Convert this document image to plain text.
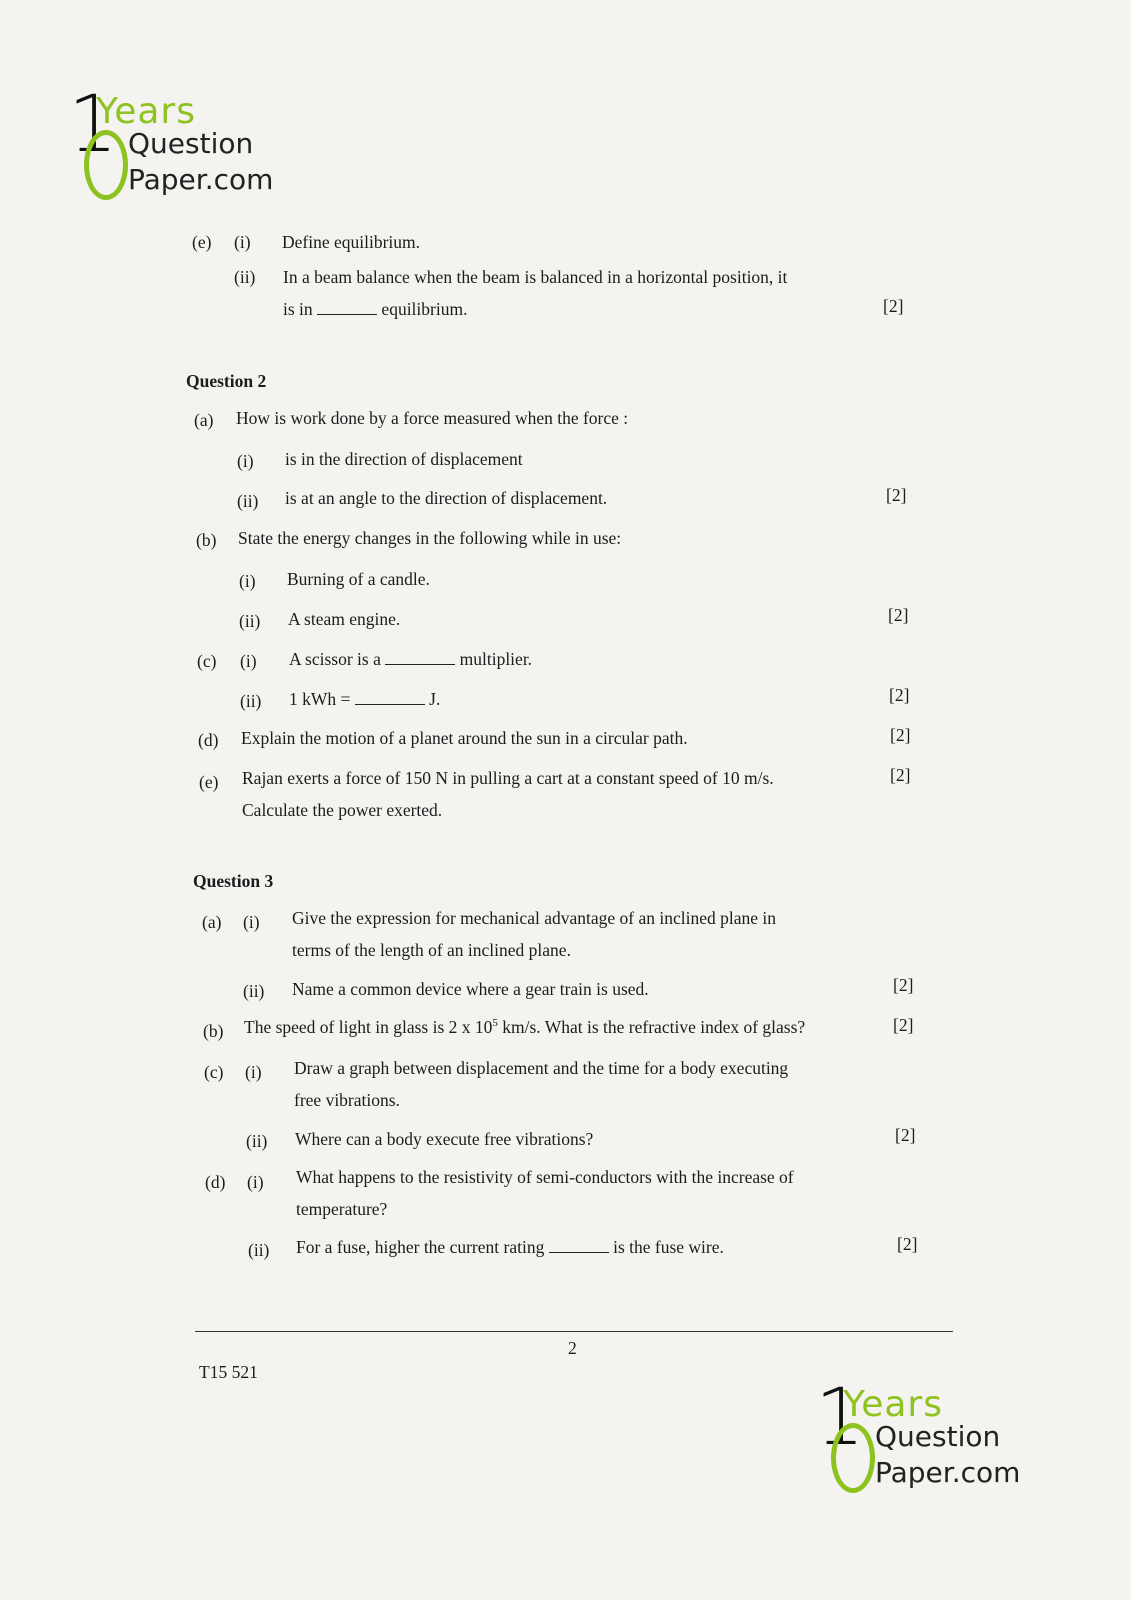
1
Years
Question
Paper.com
(e) (i) Define equilibrium.
(ii) In a beam balance when the beam is balanced in a horizontal position, it
is in	equilibrium.	[2]
Question 2
(a) How is work done by a force measured when the force :
(i) is in the direction of displacement
(ii) is at an angle to the direction of displacement.	[2]
(b) State the energy changes in the following while in use:
(i) Burning of a candle.
(ii) A steam engine.	[2]
(c) (i) A scissor is a	multiplier.
(ii) 1 kWh =	J.	[2]
(d) Explain the motion of a planet around the sun in a circular path.	[2]
(e) Rajan exerts a force of 150 N in pulling a cart at a constant speed of 10 m/s.	[2]
Calculate the power exerted.
Question 3
(a) (i) Give the expression for mechanical advantage of an inclined plane in
terms of the length of an inclined plane.
(ii) Name a common device where a gear train is used.	[2]
(b) The speed of light in glass is 2 x $10^5$ km/s. What is the refractive index of glass?	[2]
(c) (i) Draw a graph between displacement and the time for a body executing
free vibrations.
(ii) Where can a body execute free vibrations?	[2]
(d) (i) What happens to the resistivity of semi-conductors with the increase of
temperature?
(ii) For a fuse, higher the current rating	is the fuse wire.	[2]
2
T15 521
1
Years
Question
Paper.com
